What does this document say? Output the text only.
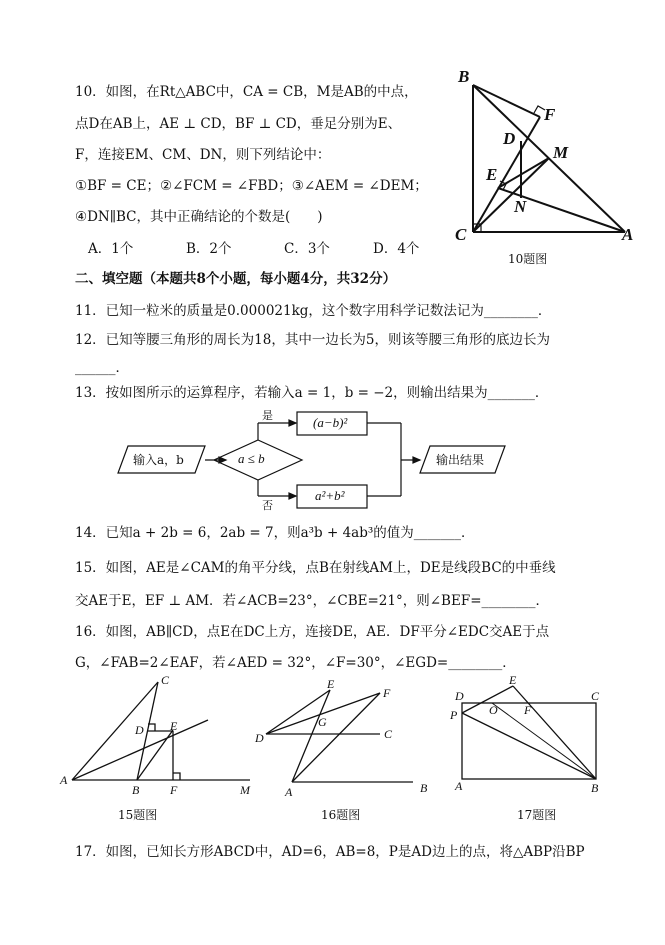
10．如图，在Rt△ABC中，CA = CB，M是AB的中点，
点D在AB上，AE ⊥ CD，BF ⊥ CD，垂足分别为E、
F，连接EM、CM、DN，则下列结论中：
①BF = CE；②∠FCM = ∠FBD；③∠AEM = ∠DEM；
④DN∥BC，其中正确结论的个数是(　　)
A．1个	B．2个	C．3个	D．4个
B
F
D
M
E
N
C	A
10题图
二、填空题（本题共8个小题，每小题4分，共32分）
11．已知一粒米的质量是0.000021kg，这个数字用科学记数法记为________．
12．已知等腰三角形的周长为18，其中一边长为5，则该等腰三角形的底边长为
______．
13．按如图所示的运算程序，若输入a = 1，b = −2，则输出结果为_______．
输入a，b	a ≤ b
是
否
(a−b)²
a²+b²
输出结果
14．已知a + 2b = 6，2ab = 7，则a³b + 4ab³的值为_______．
15．如图，AE是∠CAM的角平分线，点B在射线AM上，DE是线段BC的中垂线
交AE于E，EF ⊥ AM．若∠ACB=23°，∠CBE=21°，则∠BEF=________．
16．如图，AB∥CD，点E在DC上方，连接DE，AE．DF平分∠EDC交AE于点
G，∠FAB=2∠EAF，若∠AED = 32°，∠F=30°，∠EGD=________．
C
D E
A
B	F	M
15题图
E
F
G
D	C
A	B
16题图
D
E
C
P	O F
A	B
17题图
17．如图，已知长方形ABCD中，AD=6，AB=8，P是AD边上的点，将△ABP沿BP
